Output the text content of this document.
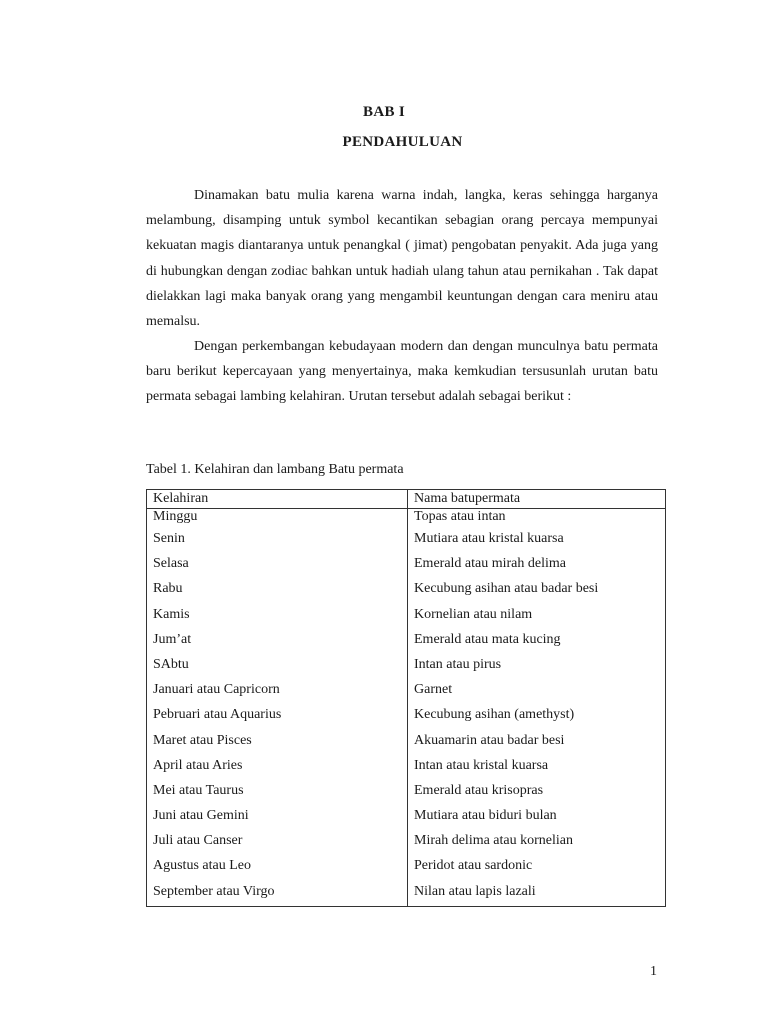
BAB I
PENDAHULUAN

Dinamakan batu mulia karena warna indah, langka, keras sehingga harganya melambung, disamping untuk symbol kecantikan sebagian orang percaya mempunyai kekuatan magis diantaranya untuk penangkal ( jimat) pengobatan penyakit. Ada juga yang di hubungkan dengan zodiac bahkan untuk hadiah ulang tahun atau pernikahan . Tak dapat dielakkan lagi maka banyak orang yang mengambil keuntungan dengan cara meniru atau memalsu.

Dengan perkembangan kebudayaan modern dan dengan munculnya batu permata baru berikut kepercayaan yang menyertainya, maka kemkudian tersusunlah urutan batu permata sebagai lambing kelahiran. Urutan tersebut adalah sebagai berikut :

Tabel 1. Kelahiran dan lambang Batu permata
Kelahiran	Nama batupermata
Minggu	Topas atau intan
Senin	Mutiara atau kristal kuarsa
Selasa	Emerald atau mirah delima
Rabu	Kecubung asihan atau badar besi
Kamis	Kornelian atau nilam
Jum’at	Emerald atau mata kucing
SAbtu	Intan atau pirus
Januari atau Capricorn	Garnet
Pebruari atau Aquarius	Kecubung asihan (amethyst)
Maret atau Pisces	Akuamarin atau badar besi
April atau Aries	Intan atau kristal kuarsa
Mei atau Taurus	Emerald atau krisopras
Juni atau Gemini	Mutiara atau biduri bulan
Juli atau Canser	Mirah delima atau kornelian
Agustus atau Leo	Peridot atau sardonic
September atau Virgo	Nilan atau lapis lazali
1
